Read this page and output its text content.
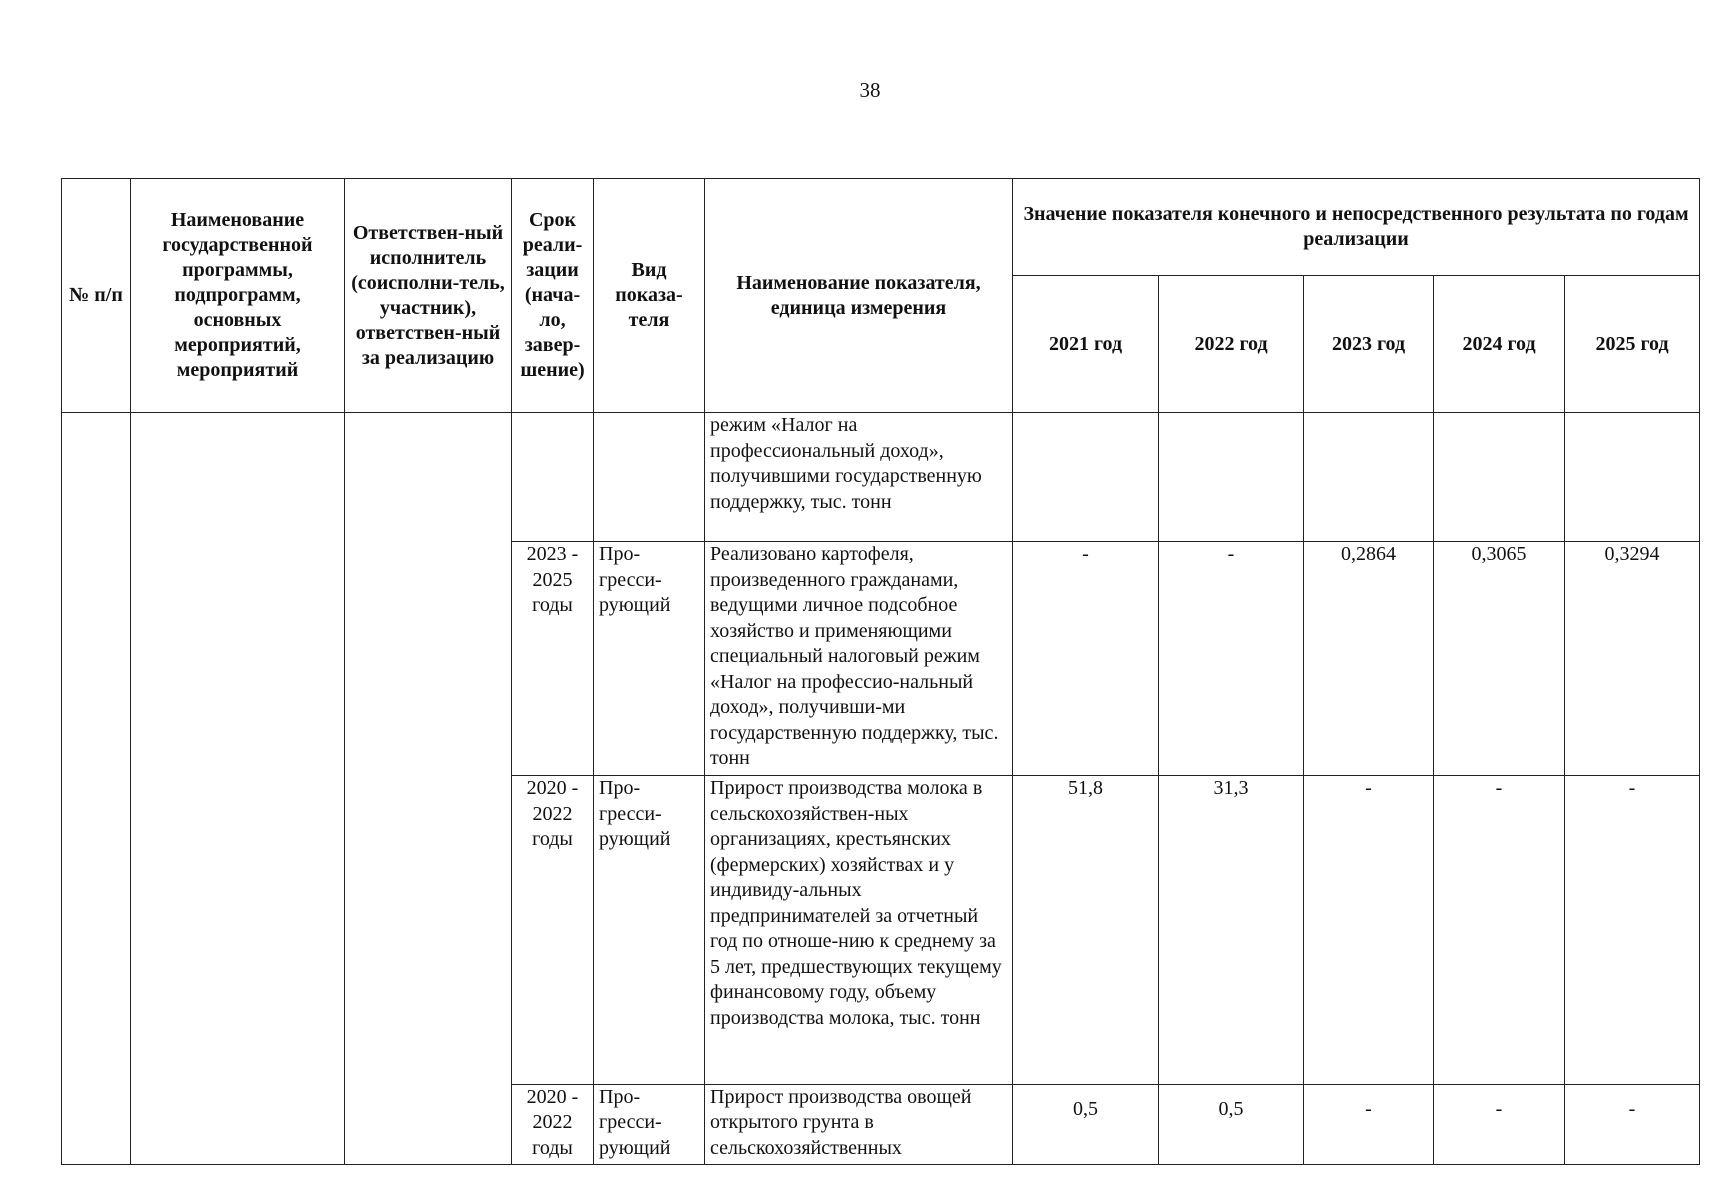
38
№ п/п	Наименование государственной программы, подпрограмм, основных мероприятий, мероприятий	Ответствен-ный исполнитель (соисполни-тель, участник), ответствен-ный за реализацию	Срок реали-зации (нача-ло, завер-шение)	Вид показа-теля	Наименование показателя, единица измерения	Значение показателя конечного и непосредственного результата по годам реализации				
						2021 год	2022 год	2023 год	2024 год	2025 год
					режим «Налог на профессиональный доход», получившими государственную поддержку, тыс. тонн					
			2023 - 2025 годы	Про-гресси-рующий	Реализовано картофеля, произведенного гражданами, ведущими личное подсобное хозяйство и применяющими специальный налоговый режим «Налог на профессио-нальный доход», получивши-ми государственную поддержку, тыс. тонн	-	-	0,2864	0,3065	0,3294
			2020 - 2022 годы	Про-гресси-рующий	Прирост производства молока в сельскохозяйствен-ных организациях, крестьянских (фермерских) хозяйствах и у индивиду-альных предпринимателей за отчетный год по отноше-нию к среднему за 5 лет, предшествующих текущему финансовому году, объему производства молока, тыс. тонн	51,8	31,3	-	-	-
			2020 - 2022 годы	Про-гресси-рующий	Прирост производства овощей открытого грунта в сельскохозяйственных	0,5	0,5	-	-	-
